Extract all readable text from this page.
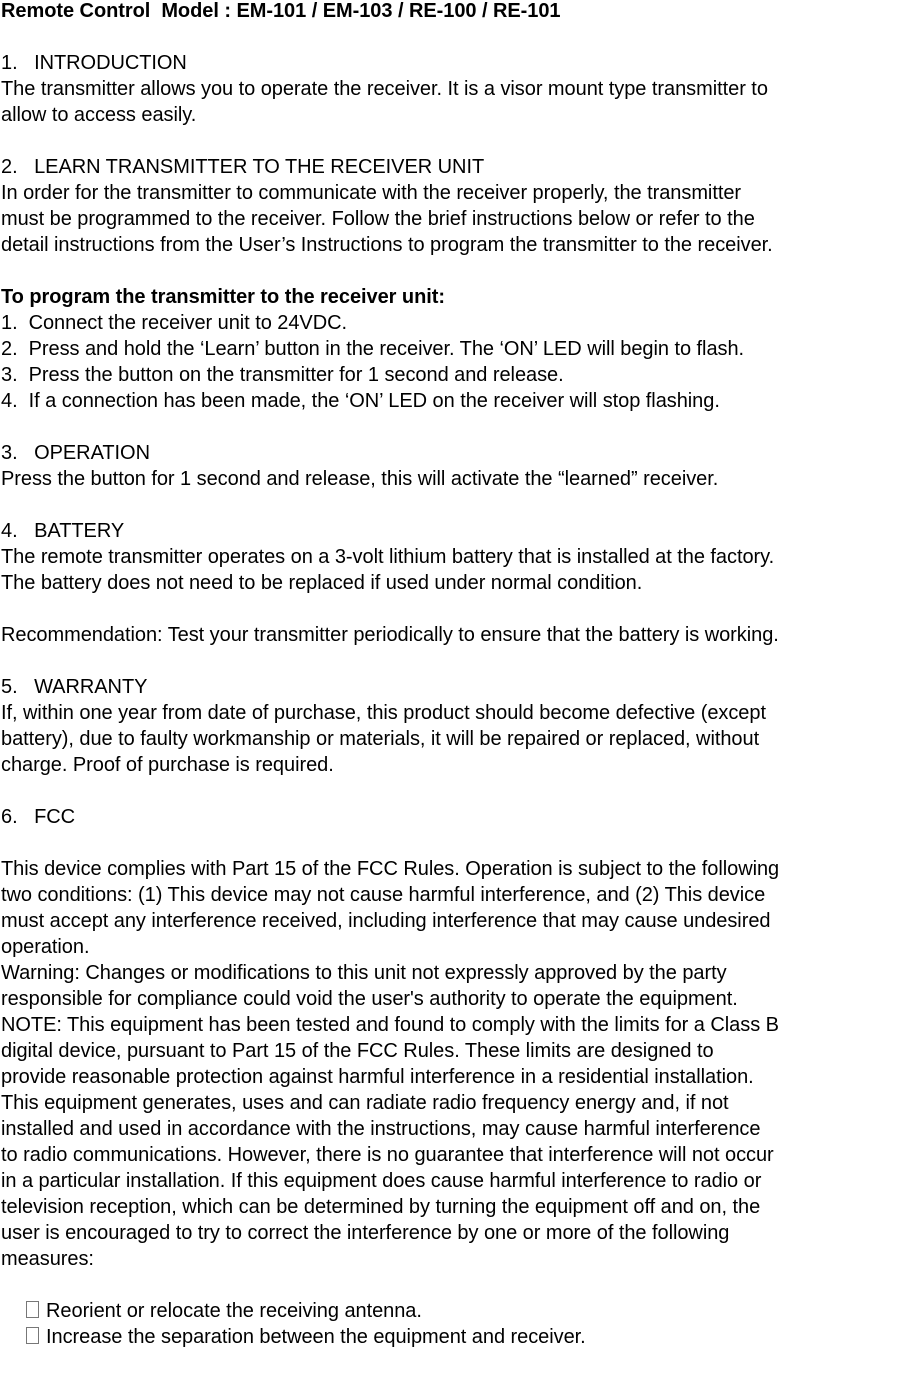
Remote Control  Model : EM-101 / EM-103 / RE-100 / RE-101
1.   INTRODUCTION
The transmitter allows you to operate the receiver. It is a visor mount type transmitter to
allow to access easily.
2.   LEARN TRANSMITTER TO THE RECEIVER UNIT
In order for the transmitter to communicate with the receiver properly, the transmitter
must be programmed to the receiver. Follow the brief instructions below or refer to the
detail instructions from the User’s Instructions to program the transmitter to the receiver.
To program the transmitter to the receiver unit:
1.  Connect the receiver unit to 24VDC.
2.  Press and hold the ‘Learn’ button in the receiver. The ‘ON’ LED will begin to flash.
3.  Press the button on the transmitter for 1 second and release.
4.  If a connection has been made, the ‘ON’ LED on the receiver will stop flashing.
3.   OPERATION
Press the button for 1 second and release, this will activate the “learned” receiver.
4.   BATTERY
The remote transmitter operates on a 3-volt lithium battery that is installed at the factory.
The battery does not need to be replaced if used under normal condition.
Recommendation: Test your transmitter periodically to ensure that the battery is working.
5.   WARRANTY
If, within one year from date of purchase, this product should become defective (except
battery), due to faulty workmanship or materials, it will be repaired or replaced, without
charge. Proof of purchase is required.
6.   FCC
This device complies with Part 15 of the FCC Rules. Operation is subject to the following
two conditions: (1) This device may not cause harmful interference, and (2) This device
must accept any interference received, including interference that may cause undesired
operation.
Warning: Changes or modifications to this unit not expressly approved by the party
responsible for compliance could void the user's authority to operate the equipment.
NOTE: This equipment has been tested and found to comply with the limits for a Class B
digital device, pursuant to Part 15 of the FCC Rules. These limits are designed to
provide reasonable protection against harmful interference in a residential installation.
This equipment generates, uses and can radiate radio frequency energy and, if not
installed and used in accordance with the instructions, may cause harmful interference
to radio communications. However, there is no guarantee that interference will not occur
in a particular installation. If this equipment does cause harmful interference to radio or
television reception, which can be determined by turning the equipment off and on, the
user is encouraged to try to correct the interference by one or more of the following
measures:

Reorient or relocate the receiving antenna.

Increase the separation between the equipment and receiver.
